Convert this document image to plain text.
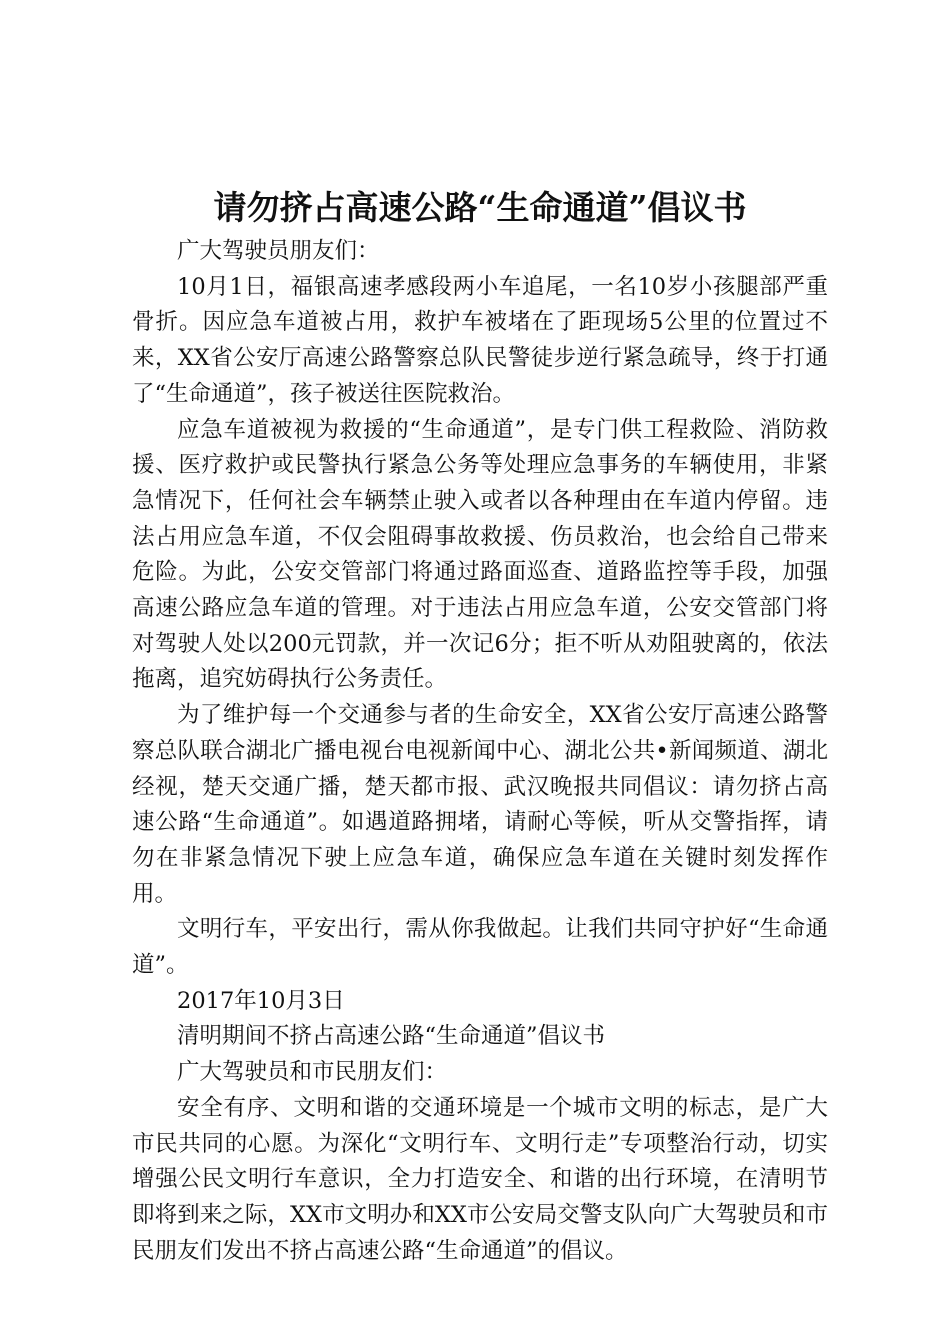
请勿挤占高速公路“生命通道”倡议书

广大驾驶员朋友们：

10月1日，福银高速孝感段两小车追尾，一名10岁小孩腿部严重骨折。因应急车道被占用，救护车被堵在了距现场5公里的位置过不来，XX省公安厅高速公路警察总队民警徒步逆行紧急疏导，终于打通了“生命通道”，孩子被送往医院救治。

应急车道被视为救援的“生命通道”，是专门供工程救险、消防救援、医疗救护或民警执行紧急公务等处理应急事务的车辆使用，非紧急情况下，任何社会车辆禁止驶入或者以各种理由在车道内停留。违法占用应急车道，不仅会阻碍事故救援、伤员救治，也会给自己带来危险。为此，公安交管部门将通过路面巡查、道路监控等手段，加强高速公路应急车道的管理。对于违法占用应急车道，公安交管部门将对驾驶人处以200元罚款，并一次记6分；拒不听从劝阻驶离的，依法拖离，追究妨碍执行公务责任。

为了维护每一个交通参与者的生命安全，XX省公安厅高速公路警察总队联合湖北广播电视台电视新闻中心、湖北公共•新闻频道、湖北经视，楚天交通广播，楚天都市报、武汉晚报共同倡议：请勿挤占高速公路“生命通道”。如遇道路拥堵，请耐心等候，听从交警指挥，请勿在非紧急情况下驶上应急车道，确保应急车道在关键时刻发挥作用。

文明行车，平安出行，需从你我做起。让我们共同守护好“生命通道”。

2017年10月3日

清明期间不挤占高速公路“生命通道”倡议书

广大驾驶员和市民朋友们：

安全有序、文明和谐的交通环境是一个城市文明的标志，是广大市民共同的心愿。为深化“文明行车、文明行走”专项整治行动，切实增强公民文明行车意识，全力打造安全、和谐的出行环境，在清明节即将到来之际，XX市文明办和XX市公安局交警支队向广大驾驶员和市民朋友们发出不挤占高速公路“生命通道”的倡议。
